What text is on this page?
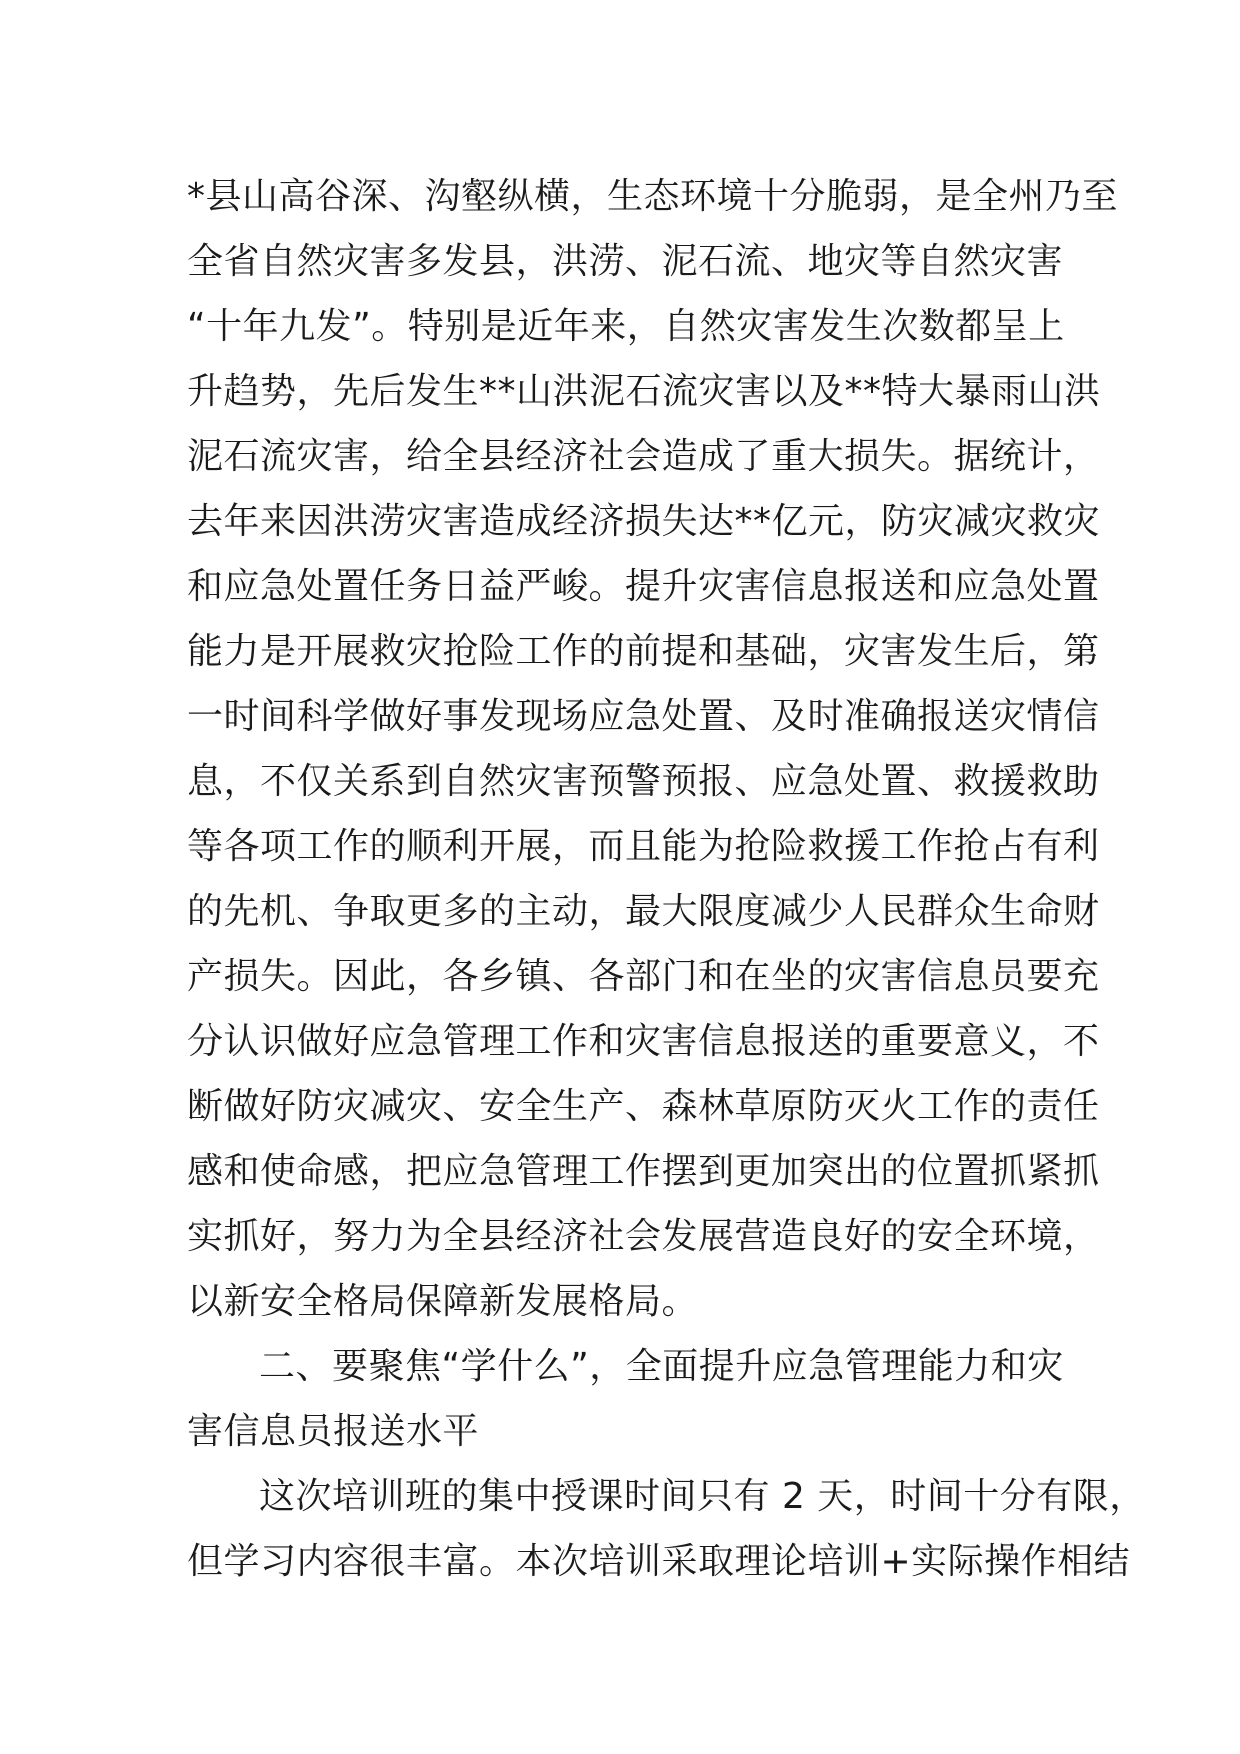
*县山高谷深、沟壑纵横，生态环境十分脆弱，是全州乃至
全省自然灾害多发县，洪涝、泥石流、地灾等自然灾害
“十年九发”。特别是近年来，自然灾害发生次数都呈上
升趋势，先后发生**山洪泥石流灾害以及**特大暴雨山洪
泥石流灾害，给全县经济社会造成了重大损失。据统计，
去年来因洪涝灾害造成经济损失达**亿元，防灾减灾救灾
和应急处置任务日益严峻。提升灾害信息报送和应急处置
能力是开展救灾抢险工作的前提和基础，灾害发生后，第
一时间科学做好事发现场应急处置、及时准确报送灾情信
息，不仅关系到自然灾害预警预报、应急处置、救援救助
等各项工作的顺利开展，而且能为抢险救援工作抢占有利
的先机、争取更多的主动，最大限度减少人民群众生命财
产损失。因此，各乡镇、各部门和在坐的灾害信息员要充
分认识做好应急管理工作和灾害信息报送的重要意义，不
断做好防灾减灾、安全生产、森林草原防灭火工作的责任
感和使命感，把应急管理工作摆到更加突出的位置抓紧抓
实抓好，努力为全县经济社会发展营造良好的安全环境，
以新安全格局保障新发展格局。
二、要聚焦“学什么”，全面提升应急管理能力和灾
害信息员报送水平
这次培训班的集中授课时间只有 2 天，时间十分有限，
但学习内容很丰富。本次培训采取理论培训+实际操作相结
